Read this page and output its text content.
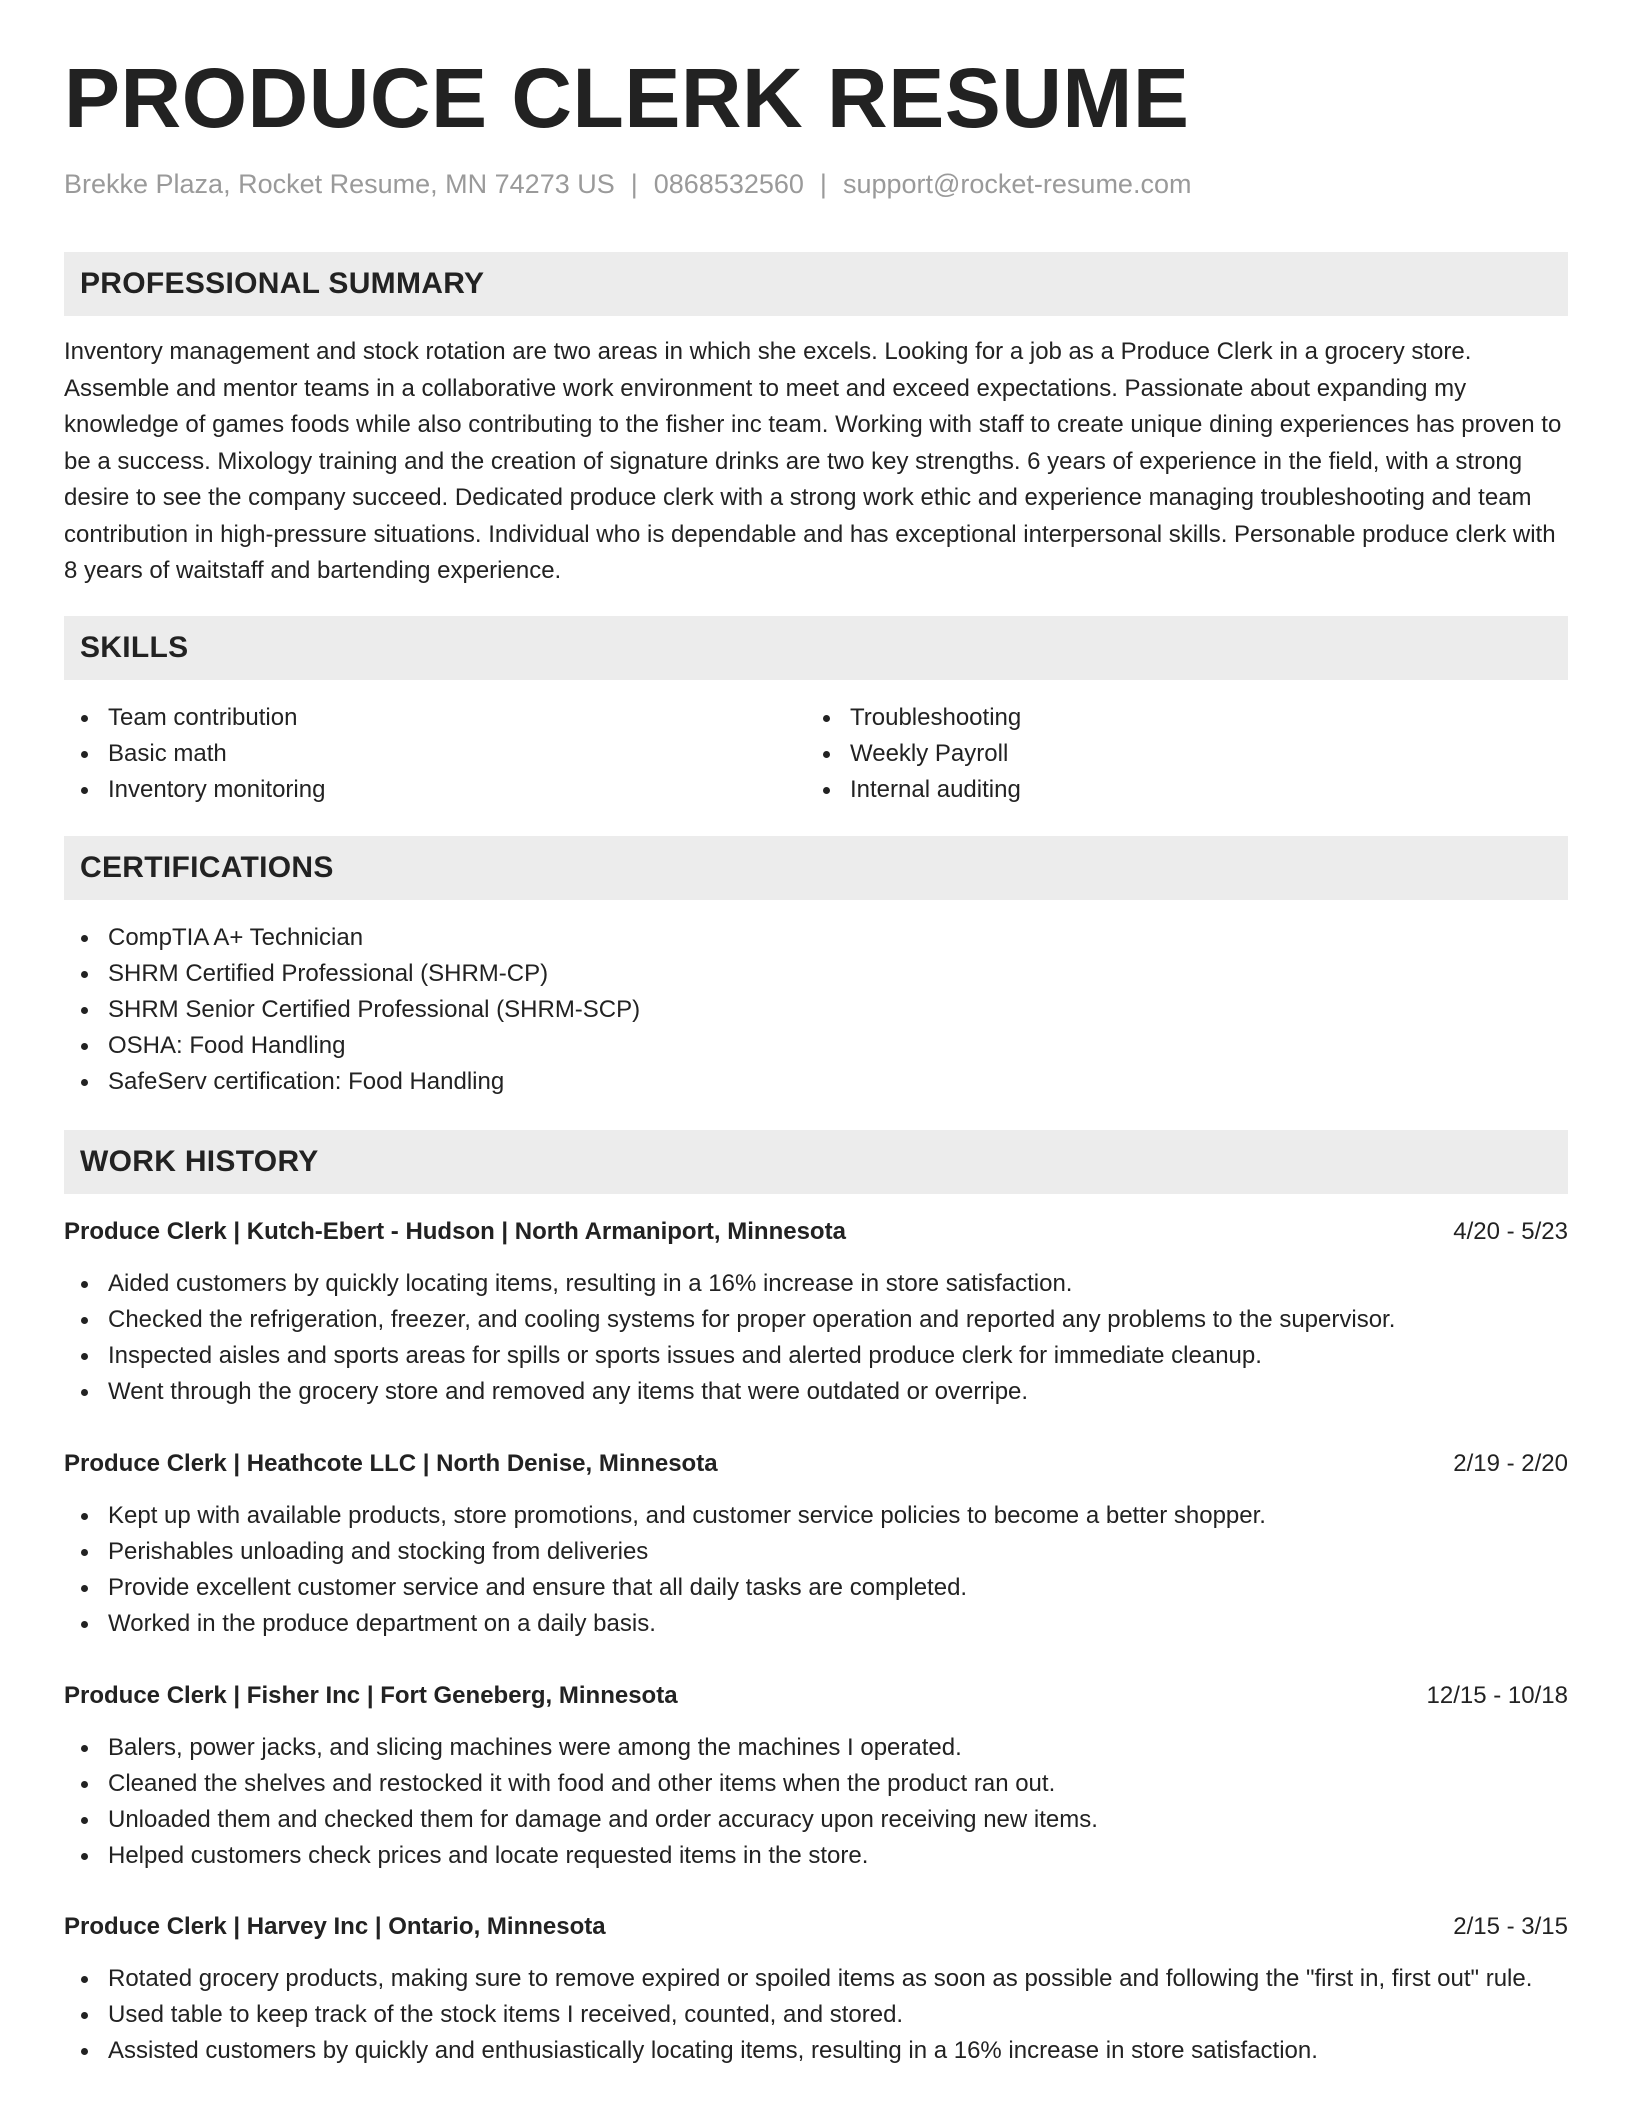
PRODUCE CLERK RESUME
Brekke Plaza, Rocket Resume, MN 74273 US | 0868532560 | support@rocket-resume.com
PROFESSIONAL SUMMARY

Inventory management and stock rotation are two areas in which she excels. Looking for a job as a Produce Clerk in a grocery store. Assemble and mentor teams in a collaborative work environment to meet and exceed expectations. Passionate about expanding my knowledge of games foods while also contributing to the fisher inc team. Working with staff to create unique dining experiences has proven to be a success. Mixology training and the creation of signature drinks are two key strengths. 6 years of experience in the field, with a strong desire to see the company succeed. Dedicated produce clerk with a strong work ethic and experience managing troubleshooting and team contribution in high-pressure situations. Individual who is dependable and has exceptional interpersonal skills. Personable produce clerk with 8 years of waitstaff and bartending experience.

SKILLS
Team contribution
Basic math
Inventory monitoring
Troubleshooting
Weekly Payroll
Internal auditing
CERTIFICATIONS
CompTIA A+ Technician
SHRM Certified Professional (SHRM-CP)
SHRM Senior Certified Professional (SHRM-SCP)
OSHA: Food Handling
SafeServ certification: Food Handling
WORK HISTORY
Produce Clerk | Kutch-Ebert - Hudson | North Armaniport, Minnesota	4/20 - 5/23
Aided customers by quickly locating items, resulting in a 16% increase in store satisfaction.
Checked the refrigeration, freezer, and cooling systems for proper operation and reported any problems to the supervisor.
Inspected aisles and sports areas for spills or sports issues and alerted produce clerk for immediate cleanup.
Went through the grocery store and removed any items that were outdated or overripe.
Produce Clerk | Heathcote LLC | North Denise, Minnesota	2/19 - 2/20
Kept up with available products, store promotions, and customer service policies to become a better shopper.
Perishables unloading and stocking from deliveries
Provide excellent customer service and ensure that all daily tasks are completed.
Worked in the produce department on a daily basis.
Produce Clerk | Fisher Inc | Fort Geneberg, Minnesota	12/15 - 10/18
Balers, power jacks, and slicing machines were among the machines I operated.
Cleaned the shelves and restocked it with food and other items when the product ran out.
Unloaded them and checked them for damage and order accuracy upon receiving new items.
Helped customers check prices and locate requested items in the store.
Produce Clerk | Harvey Inc | Ontario, Minnesota	2/15 - 3/15
Rotated grocery products, making sure to remove expired or spoiled items as soon as possible and following the "first in, first out" rule.
Used table to keep track of the stock items I received, counted, and stored.
Assisted customers by quickly and enthusiastically locating items, resulting in a 16% increase in store satisfaction.
